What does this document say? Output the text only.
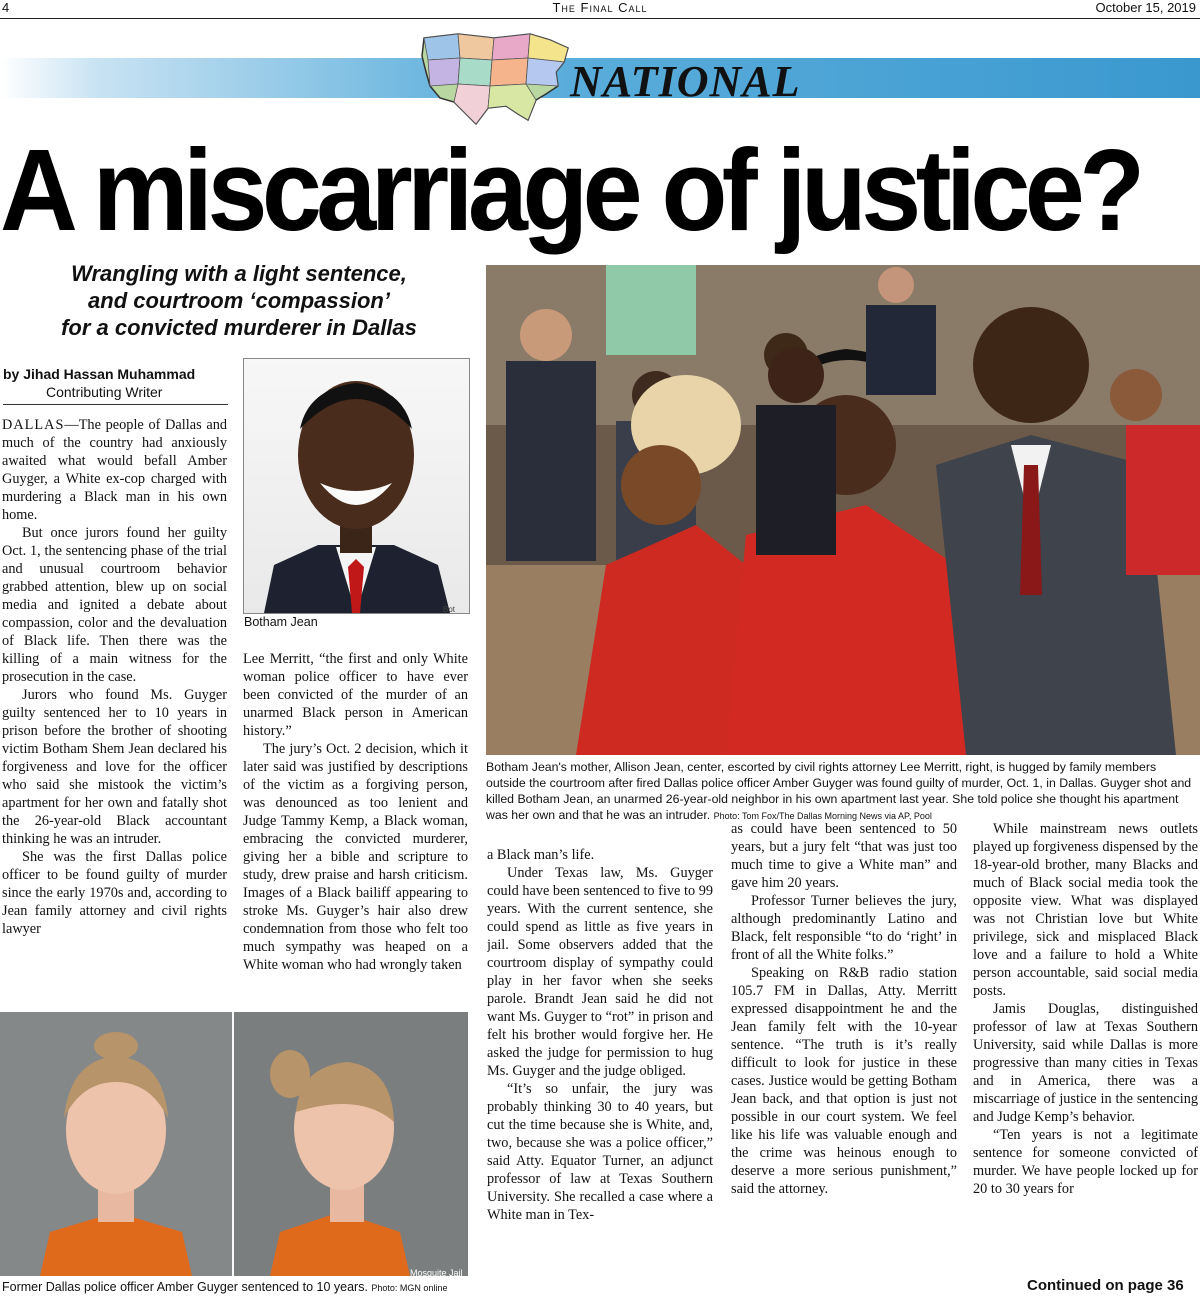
4	The Final Call	October 15, 2019
NATIONAL
A miscarriage of justice?
Wrangling with a light sentence,
and courtroom ‘compassion’
for a convicted murderer in Dallas
by Jihad Hassan Muhammad
Contributing Writer
Bot
Botham Jean
Botham Jean's mother, Allison Jean, center, escorted by civil rights attorney Lee Merritt, right, is hugged by family members outside the courtroom after fired Dallas police officer Amber Guyger was found guilty of murder, Oct. 1, in Dallas. Guyger shot and killed Botham Jean, an unarmed 26-year-old neighbor in his own apartment last year. She told police she thought his apartment was her own and that he was an intruder. Photo: Tom Fox/The Dallas Morning News via AP, Pool
Mosquite Jail
Former Dallas police officer Amber Guyger sentenced to 10 years. Photo: MGN online

DALLAS—The people of Dallas and much of the country had anxiously awaited what would befall Amber Guyger, a White ex-cop charged with murdering a Black man in his own home.

But once jurors found her guilty Oct. 1, the sentencing phase of the trial and unusual courtroom behavior grabbed attention, blew up on social media and ignited a debate about compassion, color and the devaluation of Black life. Then there was the killing of a main witness for the prosecution in the case.

Jurors who found Ms. Guyger guilty sentenced her to 10 years in prison before the brother of shooting victim Botham Shem Jean declared his forgiveness and love for the officer who said she mistook the victim’s apartment for her own and fatally shot the 26-year-old Black accountant thinking he was an intruder.

She was the first Dallas police officer to be found guilty of murder since the early 1970s and, according to Jean family attorney and civil rights lawyer

Lee Merritt, “the first and only White woman police officer to have ever been convicted of the murder of an unarmed Black person in American history.”

The jury’s Oct. 2 decision, which it later said was justified by descriptions of the victim as a forgiving person, was denounced as too lenient and Judge Tammy Kemp, a Black woman, embracing the convicted murderer, giving her a bible and scripture to study, drew praise and harsh criticism. Images of a Black bailiff appearing to stroke Ms. Guyger’s hair also drew condemnation from those who felt too much sympathy was heaped on a White woman who had wrongly taken

a Black man’s life.

Under Texas law, Ms. Guyger could have been sentenced to five to 99 years. With the current sentence, she could spend as little as five years in jail. Some observers added that the courtroom display of sympathy could play in her favor when she seeks parole. Brandt Jean said he did not want Ms. Guyger to “rot” in prison and felt his brother would forgive her. He asked the judge for permission to hug Ms. Guyger and the judge obliged.

“It’s so unfair, the jury was probably thinking 30 to 40 years, but cut the time because she is White, and, two, because she was a police officer,” said Atty. Equator Turner, an adjunct professor of law at Texas Southern University. She recalled a case where a White man in Tex-

as could have been sentenced to 50 years, but a jury felt “that was just too much time to give a White man” and gave him 20 years.

Professor Turner believes the jury, although predominantly Latino and Black, felt responsible “to do ‘right’ in front of all the White folks.”

Speaking on R&B radio station 105.7 FM in Dallas, Atty. Merritt expressed disappointment he and the Jean family felt with the 10-year sentence. “The truth is it’s really difficult to look for justice in these cases. Justice would be getting Botham Jean back, and that option is just not possible in our court system. We feel like his life was valuable enough and the crime was heinous enough to deserve a more serious punishment,” said the attorney.

While mainstream news outlets played up forgiveness dispensed by the 18-year-old brother, many Blacks and much of Black social media took the opposite view. What was displayed was not Christian love but White privilege, sick and misplaced Black love and a failure to hold a White person accountable, said social media posts.

Jamis Douglas, distinguished professor of law at Texas Southern University, said while Dallas is more progressive than many cities in Texas and in America, there was a miscarriage of justice in the sentencing and Judge Kemp’s behavior.

“Ten years is not a legitimate sentence for someone convicted of murder. We have people locked up for 20 to 30 years for

Continued on page 36
